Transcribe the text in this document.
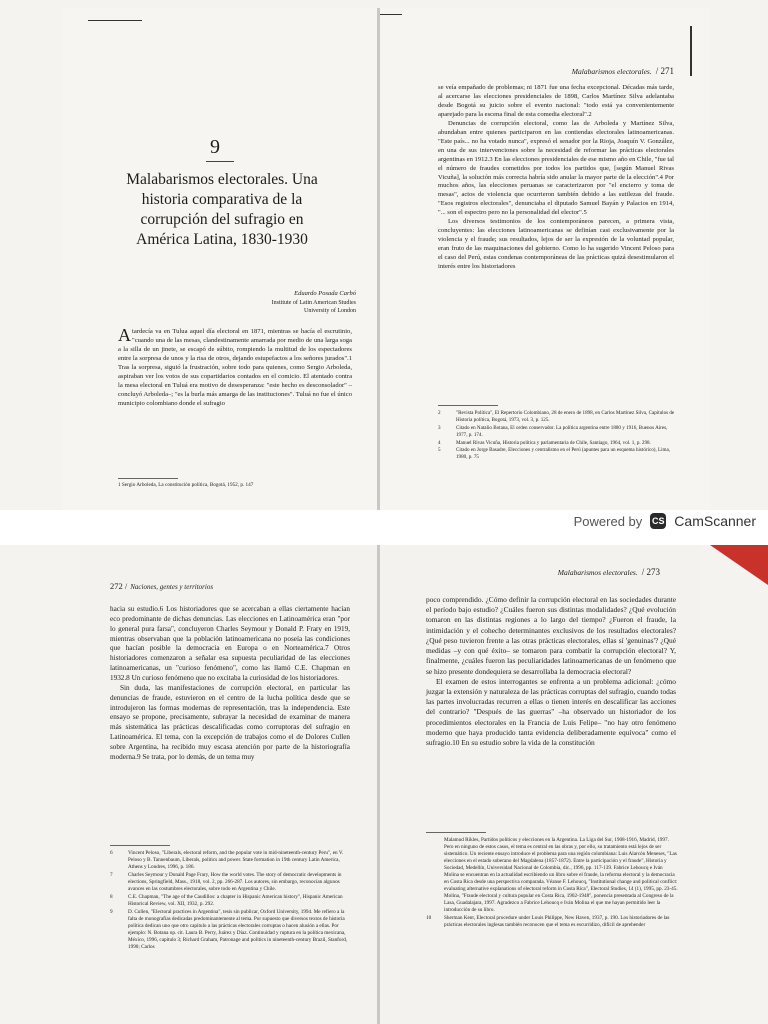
9
Malabarismos electorales. Una historia comparativa de la corrupción del sufragio en América Latina, 1830-1930
Eduardo Posada Carbó
Institute of Latin American Studies
University of London
Atardecía va en Tulua aquel día electoral en 1871, mientras se hacía el escrutinio, "cuando una de las mesas, clandestinamente amarrada por medio de una larga soga a la silla de un jinete, se escapó de súbito, rompiendo la multitud de los espectadores entre la sorpresa de unos y la risa de otros, dejando estupefactos a los señores jurados".1 Tras la sorpresa, siguió la frustración, sobre todo para quienes, como Sergio Arboleda, aspiraban ver los votos de sus copartidarios contados en el comicio. El atentado contra la mesa electoral en Tuluá era motivo de desesperanza: "este hecho es desconsolador" –concluyó Arboleda–; "es la burla más amarga de las instituciones". Tuluá no fue el único municipio colombiano donde el sufragio
1 Sergio Arboleda, La constitución política, Bogotá, 1952, p. 147
Malabarismos electorales. / 271

se veía empañado de problemas; ni 1871 fue una fecha excepcional. Décadas más tarde, al acercarse las elecciones presidenciales de 1898, Carlos Martínez Silva adelantaba desde Bogotá su juicio sobre el evento nacional: "todo está ya convenientemente aparejado para la escena final de esta comedia electoral".2

Denuncias de corrupción electoral, como las de Arboleda y Martínez Silva, abundaban entre quienes participaron en las contiendas electorales latinoamericanas. "Este país... no ha votado nunca", expresó el senador por la Rioja, Joaquín V. González, en una de sus intervenciones sobre la necesidad de reformar las prácticas electorales argentinas en 1912.3 En las elecciones presidenciales de ese mismo año en Chile, "fue tal el número de fraudes cometidos por todos los partidos que, [según Manuel Rivas Vicuña], la solución más correcta habría sido anular la mayor parte de la elección".4 Por muchos años, las elecciones peruanas se caracterizaron por "el encierro y toma de mesas", actos de violencia que ocurrieron también debido a las sutilezas del fraude. "Esos registros electorales", denunciaba el diputado Samuel Bayán y Palacios en 1914, "... son el espectro pero no la personalidad del elector".5

Los diversos testimonios de los contemporáneos parecen, a primera vista, concluyentes: las elecciones latinoamericanas se definían casi exclusivamente por la violencia y el fraude; sus resultados, lejos de ser la expresión de la voluntad popular, eran fruto de las maquinaciones del gobierno. Como lo ha sugerido Vincent Peloso para el caso del Perú, estas condenas contemporáneas de las prácticas quizá desestimularon el interés entre los historiadores

2	"Revista Política", El Repertorio Colombiano, 28 de enero de 1898, en Carlos Martínez Silva, Capítulos de Historia política, Bogotá, 1973, vol. 3, p. 125.
3	Citado en Natalio Botana, El orden conservador. La política argentina entre 1880 y 1916, Buenos Aires, 1977, p. 174.
4	Manuel Rivas Vicuña, Historia política y parlamentaria de Chile, Santiago, 1964, vol. 1, p. 298.
5	Citado en Jorge Basadre, Elecciones y centralismo en el Perú (apuntes para un esquema histórico), Lima, 1980, p. 75
Powered by CS CamScanner
272 / Naciones, gentes y territorios

hacia su estudio.6 Los historiadores que se acercaban a ellas ciertamente hacían eco predominante de dichas denuncias. Las elecciones en Latinoamérica eran "por lo general pura farsa", concluyeron Charles Seymour y Donald P. Frary en 1919, mientras observaban que la población latinoamericana no poseía las condiciones que hacían posible la democracia en Europa o en Norteamérica.7 Otros historiadores comenzaron a señalar esa supuesta peculiaridad de las elecciones latinoamericanas, un "curioso fenómeno", como las llamó C.E. Chapman en 1932.8 Un curioso fenómeno que no excitaba la curiosidad de los historiadores.

Sin duda, las manifestaciones de corrupción electoral, en particular las denuncias de fraude, estuvieron en el centro de la lucha política desde que se introdujeron las formas modernas de representación, tras la independencia. Este ensayo se propone, precisamente, subrayar la necesidad de examinar de manera más sistemática las prácticas descalificadas como corruptoras del sufragio en Latinoamérica. El tema, con la excepción de trabajos como el de Dolores Cullen sobre Argentina, ha recibido muy escasa atención por parte de la historiografía moderna.9 Se trata, por lo demás, de un tema muy

6	Vincent Peloso, "Liberals, electoral reform, and the popular vote in mid-nineteenth-century Peru", en V. Peloso y B. Tannenbaum, Liberals, politics and power. State formation in 19th century Latin America, Athens y Londres, 1996, p. 186.
7	Charles Seymour y Donald Page Frary, How the world votes. The story of democratic developments in elections, Springfield, Mass., 1918, vol. 2, pp. 266-287. Los autores, sin embargo, reconocían algunos avances en las costumbres electorales, sobre todo en Argentina y Chile.
8	C.E. Chapman, "The age of the Caudillos: a chapter in Hispanic American history", Hispanic American Historical Review, vol. XII, 1932, p. 292.
9	D. Cullen, "Electoral practices in Argentina", tesis sin publicar, Oxford University, 1994. Me refiero a la falta de monografías dedicadas predominantemente al tema. Por supuesto que diversos textos de historia política dedican uno que otro capítulo a las prácticas electorales corruptas o hacen alusión a ellas. Por ejemplo: N. Botana op. cit. Laura B. Perry, Juárez y Díaz. Continuidad y ruptura en la política mexicana, México, 1996, capítulo 3; Richard Graham, Patronage and politics in nineteenth-century Brazil, Stanford, 1990; Carlos
Malabarismos electorales. / 273

poco comprendido. ¿Cómo definir la corrupción electoral en las sociedades durante el período bajo estudio? ¿Cuáles fueron sus distintas modalidades? ¿Qué evolución tomaron en las distintas regiones a lo largo del tiempo? ¿Fueron el fraude, la intimidación y el cohecho determinantes exclusivos de los resultados electorales? ¿Qué peso tuvieron frente a las otras prácticas electorales, ellas sí 'genuinas'? ¿Qué medidas –y con qué éxito– se tomaron para combatir la corrupción electoral? Y, finalmente, ¿cuáles fueron las peculiaridades latinoamericanas de un fenómeno que se hizo presente dondequiera se desarrollaba la democracia electoral?

El examen de estos interrogantes se enfrenta a un problema adicional: ¿cómo juzgar la extensión y naturaleza de las prácticas corruptas del sufragio, cuando todas las partes involucradas recurren a ellas o tienen interés en descalificar las acciones del contrario? "Después de las guerras" –ha observado un historiador de los procedimientos electorales en la Francia de Luis Felipe– "no hay otro fenómeno moderno que haya producido tanta evidencia deliberadamente equívoca" como el sufragio.10 En su estudio sobre la vida de la constitución

Malamud Rikles, Partidos políticos y elecciones en la Argentina. La Liga del Sur, 1908-1916, Madrid, 1997. Pero en ninguno de estos casos, el tema es central en las obras y, por ello, su tratamiento está lejos de ser sistemático. Un reciente ensayo introduce el problema para una región colombiana: Luis Alarcón Meneses, "Las elecciones en el estado soberano del Magdalena (1857-1872). Entre la participación y el fraude", Historia y Sociedad, Medellín, Universidad Nacional de Colombia, dic., 1996, pp. 117-139. Fabrice Lehoucq e Iván Molina se encuentran en la actualidad escribiendo un libro sobre el fraude, la reforma electoral y la democracia en Costa Rica desde una perspectiva comparada. Véanse F. Lehoucq, "Institutional change and political conflict: evaluating alternative explanations of electoral reform in Costa Rica", Electoral Studies, 14 (1), 1995, pp. 23-45. Molina, "Fraude electoral y cultura popular en Costa Rica, 1902-1948", ponencia presentada al Congreso de la Lasa, Guadalajara, 1997. Agradezco a Fabrice Lehoucq e Iván Molina el que me hayan permitido leer la introducción de su libro.
10	Sherman Kent, Electoral procedure under Louis Philippe, New Haven, 1937, p. 190. Los historiadores de las prácticas electorales inglesas también reconocen que el tema es escurridizo, difícil de aprehender
